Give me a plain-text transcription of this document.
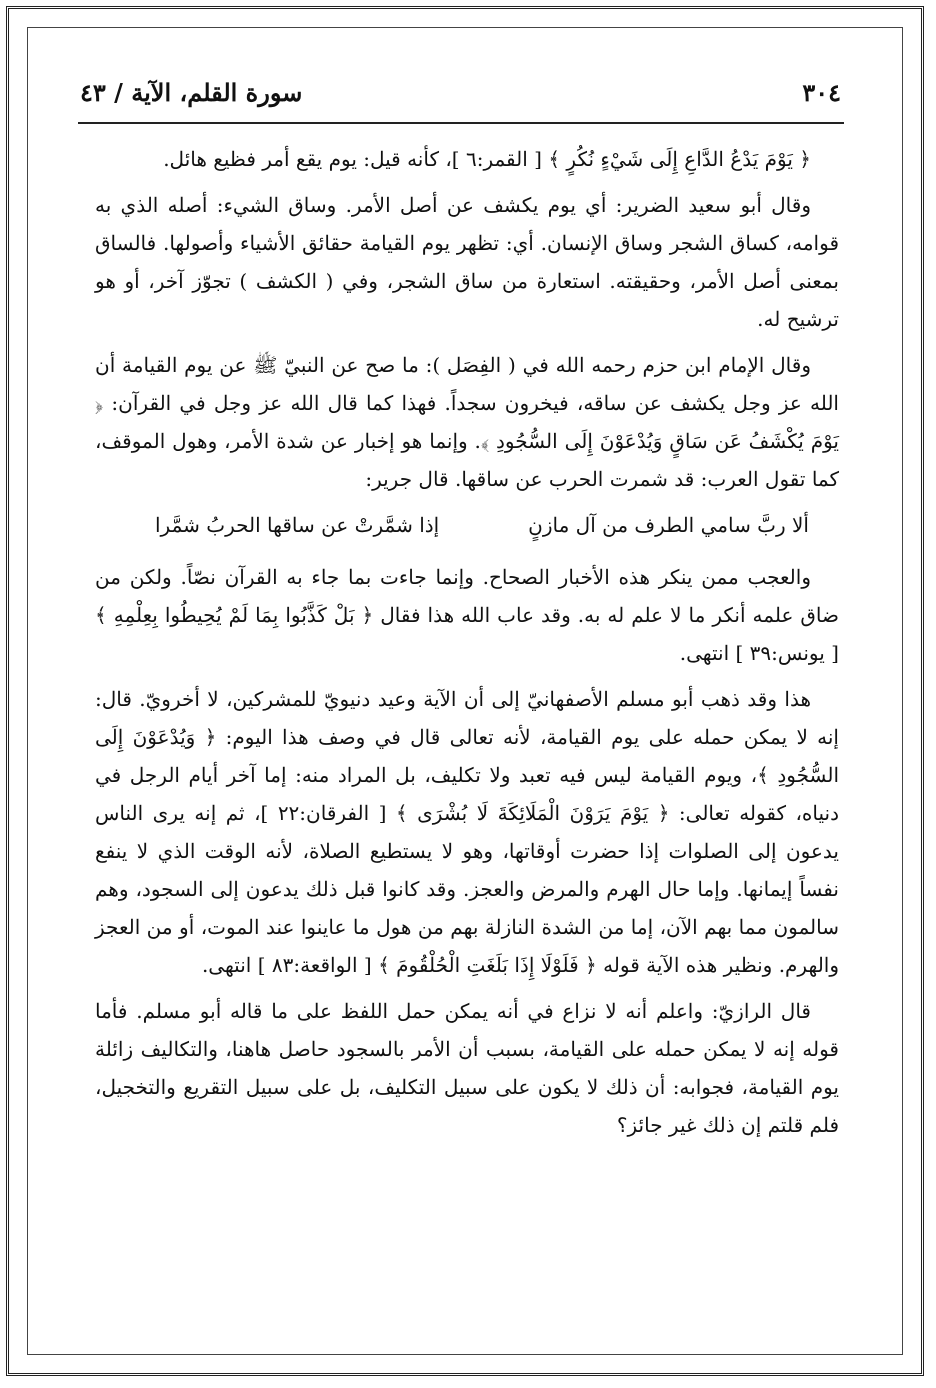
٣٠٤
سورة القلم، الآية / ٤٣

﴿ يَوْمَ يَدْعُ الدَّاعِ إِلَى شَيْءٍ نُكُرٍ ﴾ [ القمر:٦ ]، كأنه قيل: يوم يقع أمر فظيع هائل.

وقال أبو سعيد الضرير: أي يوم يكشف عن أصل الأمر. وساق الشيء: أصله الذي به قوامه، كساق الشجر وساق الإنسان. أي: تظهر يوم القيامة حقائق الأشياء وأصولها. فالساق بمعنى أصل الأمر، وحقيقته. استعارة من ساق الشجر، وفي ( الكشف ) تجوّز آخر، أو هو ترشيح له.

وقال الإمام ابن حزم رحمه الله في ( الفِصَل ): ما صح عن النبيّ ﷺ عن يوم القيامة أن الله عز وجل يكشف عن ساقه، فيخرون سجداً. فهذا كما قال الله عز وجل في القرآن: ﴿ يَوْمَ يُكْشَفُ عَن سَاقٍ وَيُدْعَوْنَ إِلَى السُّجُودِ ﴾. وإنما هو إخبار عن شدة الأمر، وهول الموقف، كما تقول العرب: قد شمرت الحرب عن ساقها. قال جرير:

ألا ربَّ سامي الطرف من آل مازنٍ
إذا شمَّرتْ عن ساقها الحربُ شمَّرا

والعجب ممن ينكر هذه الأخبار الصحاح. وإنما جاءت بما جاء به القرآن نصّاً. ولكن من ضاق علمه أنكر ما لا علم له به. وقد عاب الله هذا فقال ﴿ بَلْ كَذَّبُوا بِمَا لَمْ يُحِيطُوا بِعِلْمِهِ ﴾ [ يونس:٣٩ ] انتهى.

هذا وقد ذهب أبو مسلم الأصفهانيّ إلى أن الآية وعيد دنيويّ للمشركين، لا أخرويّ. قال: إنه لا يمكن حمله على يوم القيامة، لأنه تعالى قال في وصف هذا اليوم: ﴿ وَيُدْعَوْنَ إِلَى السُّجُودِ ﴾، ويوم القيامة ليس فيه تعبد ولا تكليف، بل المراد منه: إما آخر أيام الرجل في دنياه، كقوله تعالى: ﴿ يَوْمَ يَرَوْنَ الْمَلَائِكَةَ لَا بُشْرَى ﴾ [ الفرقان:٢٢ ]، ثم إنه يرى الناس يدعون إلى الصلوات إذا حضرت أوقاتها، وهو لا يستطيع الصلاة، لأنه الوقت الذي لا ينفع نفساً إيمانها. وإما حال الهرم والمرض والعجز. وقد كانوا قبل ذلك يدعون إلى السجود، وهم سالمون مما بهم الآن، إما من الشدة النازلة بهم من هول ما عاينوا عند الموت، أو من العجز والهرم. ونظير هذه الآية قوله ﴿ فَلَوْلَا إِذَا بَلَغَتِ الْحُلْقُومَ ﴾ [ الواقعة:٨٣ ] انتهى.

قال الرازيّ: واعلم أنه لا نزاع في أنه يمكن حمل اللفظ على ما قاله أبو مسلم. فأما قوله إنه لا يمكن حمله على القيامة، بسبب أن الأمر بالسجود حاصل هاهنا، والتكاليف زائلة يوم القيامة، فجوابه: أن ذلك لا يكون على سبيل التكليف، بل على سبيل التقريع والتخجيل، فلم قلتم إن ذلك غير جائز؟
